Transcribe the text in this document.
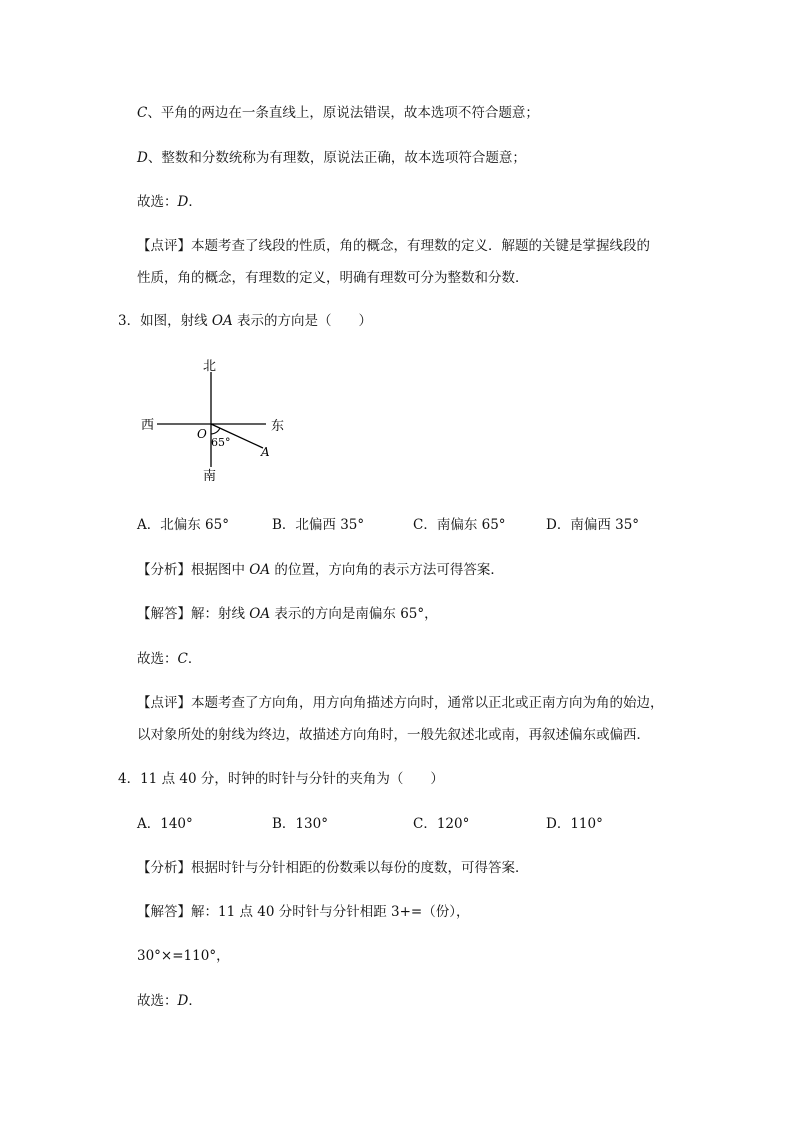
C、平角的两边在一条直线上，原说法错误，故本选项不符合题意；
D、整数和分数统称为有理数，原说法正确，故本选项符合题意；
故选：D．
【点评】本题考查了线段的性质，角的概念，有理数的定义．解题的关键是掌握线段的
性质，角的概念，有理数的定义，明确有理数可分为整数和分数．
3．如图，射线 OA 表示的方向是（　　）
北
南
西	东
O
A
65°
A．北偏东 65°	B．北偏西 35°	C．南偏东 65°	D．南偏西 35°
【分析】根据图中 OA 的位置，方向角的表示方法可得答案．
【解答】解：射线 OA 表示的方向是南偏东 65°，
故选：C．
【点评】本题考查了方向角，用方向角描述方向时，通常以正北或正南方向为角的始边，
以对象所处的射线为终边，故描述方向角时，一般先叙述北或南，再叙述偏东或偏西．
4．11 点 40 分，时钟的时针与分针的夹角为（　　）
A．140°	B．130°	C．120°	D．110°
【分析】根据时针与分针相距的份数乘以每份的度数，可得答案．
【解答】解：11 点 40 分时针与分针相距 3+=（份），
30°×=110°，
故选：D．
